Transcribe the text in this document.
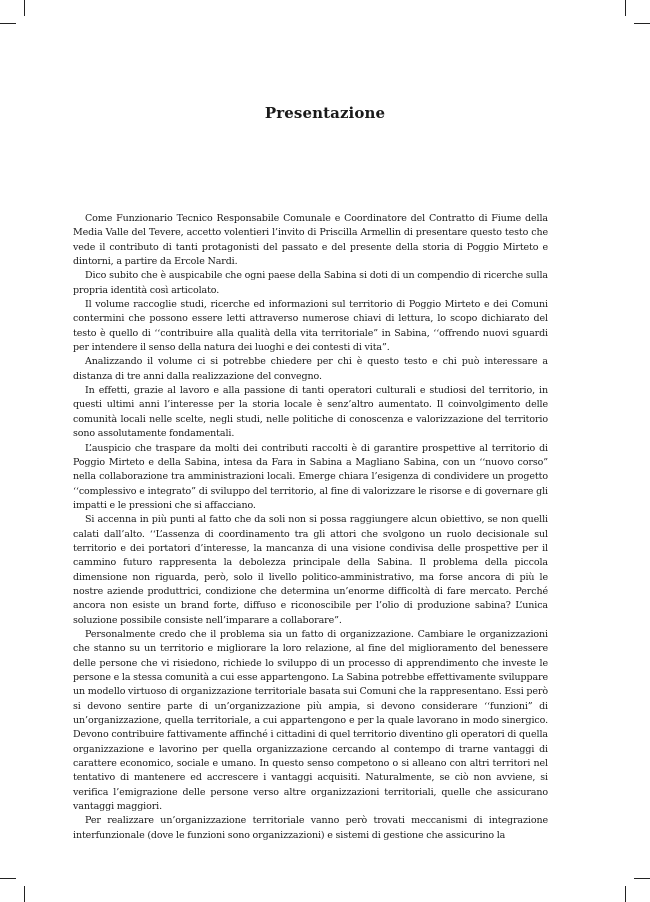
Presentazione

Come Funzionario Tecnico Responsabile Comunale e Coordinatore del Contratto di Fiume della Media Valle del Tevere, accetto volentieri l’invito di Priscilla Armellin di presentare questo testo che vede il contributo di tanti protagonisti del passato e del presente della storia di Poggio Mirteto e dintorni, a partire da Ercole Nardi.

Dico subito che è auspicabile che ogni paese della Sabina si doti di un compendio di ricerche sulla propria identità così articolato.

Il volume raccoglie studi, ricerche ed informazioni sul territorio di Poggio Mirteto e dei Comuni contermini che possono essere letti attraverso numerose chiavi di lettura, lo scopo dichiarato del testo è quello di ‘‘contribuire alla qualità della vita territoriale” in Sabina, ‘‘offrendo nuovi sguardi per intendere il senso della natura dei luoghi e dei contesti di vita”.

Analizzando il volume ci si potrebbe chiedere per chi è questo testo e chi può interessare a distanza di tre anni dalla realizzazione del convegno.

In effetti, grazie al lavoro e alla passione di tanti operatori culturali e studiosi del territorio, in questi ultimi anni l’interesse per la storia locale è senz’altro aumentato. Il coinvolgimento delle comunità locali nelle scelte, negli studi, nelle politiche di conoscenza e valorizzazione del territorio sono assolutamente fondamentali.

L’auspicio che traspare da molti dei contributi raccolti è di garantire prospettive al territorio di Poggio Mirteto e della Sabina, intesa da Fara in Sabina a Magliano Sabina, con un ‘‘nuovo corso” nella collaborazione tra amministrazioni locali. Emerge chiara l’esigenza di condividere un progetto ‘‘complessivo e integrato” di sviluppo del territorio, al fine di valorizzare le risorse e di governare gli impatti e le pressioni che si affacciano.

Si accenna in più punti al fatto che da soli non si possa raggiungere alcun obiettivo, se non quelli calati dall’alto. ‘‘L’assenza di coordinamento tra gli attori che svolgono un ruolo decisionale sul territorio e dei portatori d’interesse, la mancanza di una visione condivisa delle prospettive per il cammino futuro rappresenta la debolezza principale della Sabina. Il problema della piccola dimensione non riguarda, però, solo il livello politico-amministrativo, ma forse ancora di più le nostre aziende produttrici, condizione che determina un’enorme difficoltà di fare mercato. Perché ancora non esiste un brand forte, diffuso e riconoscibile per l’olio di produzione sabina? L’unica soluzione possibile consiste nell’imparare a collaborare”.

Personalmente credo che il problema sia un fatto di organizzazione. Cambiare le organizzazioni che stanno su un territorio e migliorare la loro relazione, al fine del miglioramento del benessere delle persone che vi risiedono, richiede lo sviluppo di un processo di apprendimento che investe le persone e la stessa comunità a cui esse appartengono. La Sabina potrebbe effettivamente sviluppare un modello virtuoso di organizzazione territoriale basata sui Comuni che la rappresentano. Essi però si devono sentire parte di un’organizzazione più ampia, si devono considerare ‘‘funzioni” di un’organizzazione, quella territoriale, a cui appartengono e per la quale lavorano in modo sinergico. Devono contribuire fattivamente affinché i cittadini di quel territorio diventino gli operatori di quella organizzazione e lavorino per quella organizzazione cercando al contempo di trarne vantaggi di carattere economico, sociale e umano. In questo senso competono o si alleano con altri territori nel tentativo di mantenere ed accrescere i vantaggi acquisiti. Naturalmente, se ciò non avviene, si verifica l’emigrazione delle persone verso altre organizzazioni territoriali, quelle che assicurano vantaggi maggiori.

Per realizzare un’organizzazione territoriale vanno però trovati meccanismi di integrazione interfunzionale (dove le funzioni sono organizzazioni) e sistemi di gestione che assicurino la
